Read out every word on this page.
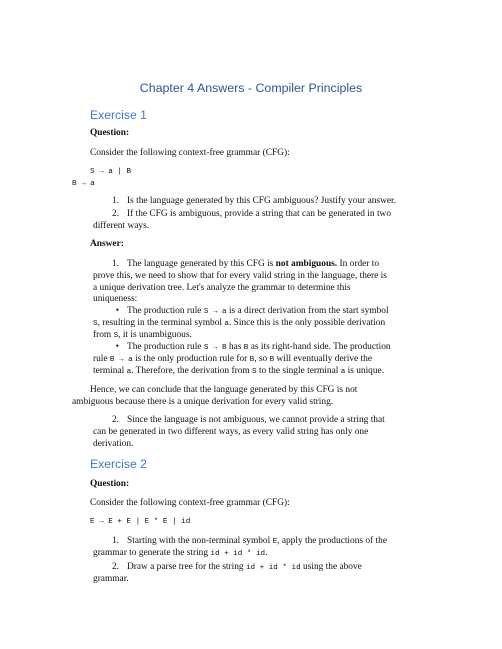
Chapter 4 Answers - Compiler Principles
Exercise 1
Question:
Consider the following context-free grammar (CFG):
S → a | B
B → a
1. Is the language generated by this CFG ambiguous? Justify your answer.
2. If the CFG is ambiguous, provide a string that can be generated in two
different ways.
Answer:
1. The language generated by this CFG is not ambiguous. In order to
prove this, we need to show that for every valid string in the language, there is
a unique derivation tree. Let's analyze the grammar to determine this
uniqueness:
• The production rule S → a is a direct derivation from the start symbol
S, resulting in the terminal symbol a. Since this is the only possible derivation
from S, it is unambiguous.
• The production rule S → B has B as its right-hand side. The production
rule B → a is the only production rule for B, so B will eventually derive the
terminal a. Therefore, the derivation from S to the single terminal a is unique.
Hence, we can conclude that the language generated by this CFG is not
ambiguous because there is a unique derivation for every valid string.
2. Since the language is not ambiguous, we cannot provide a string that
can be generated in two different ways, as every valid string has only one
derivation.
Exercise 2
Question:
Consider the following context-free grammar (CFG):
E → E + E | E * E | id
1. Starting with the non-terminal symbol E, apply the productions of the
grammar to generate the string id + id * id.
2. Draw a parse tree for the string id + id * id using the above
grammar.
